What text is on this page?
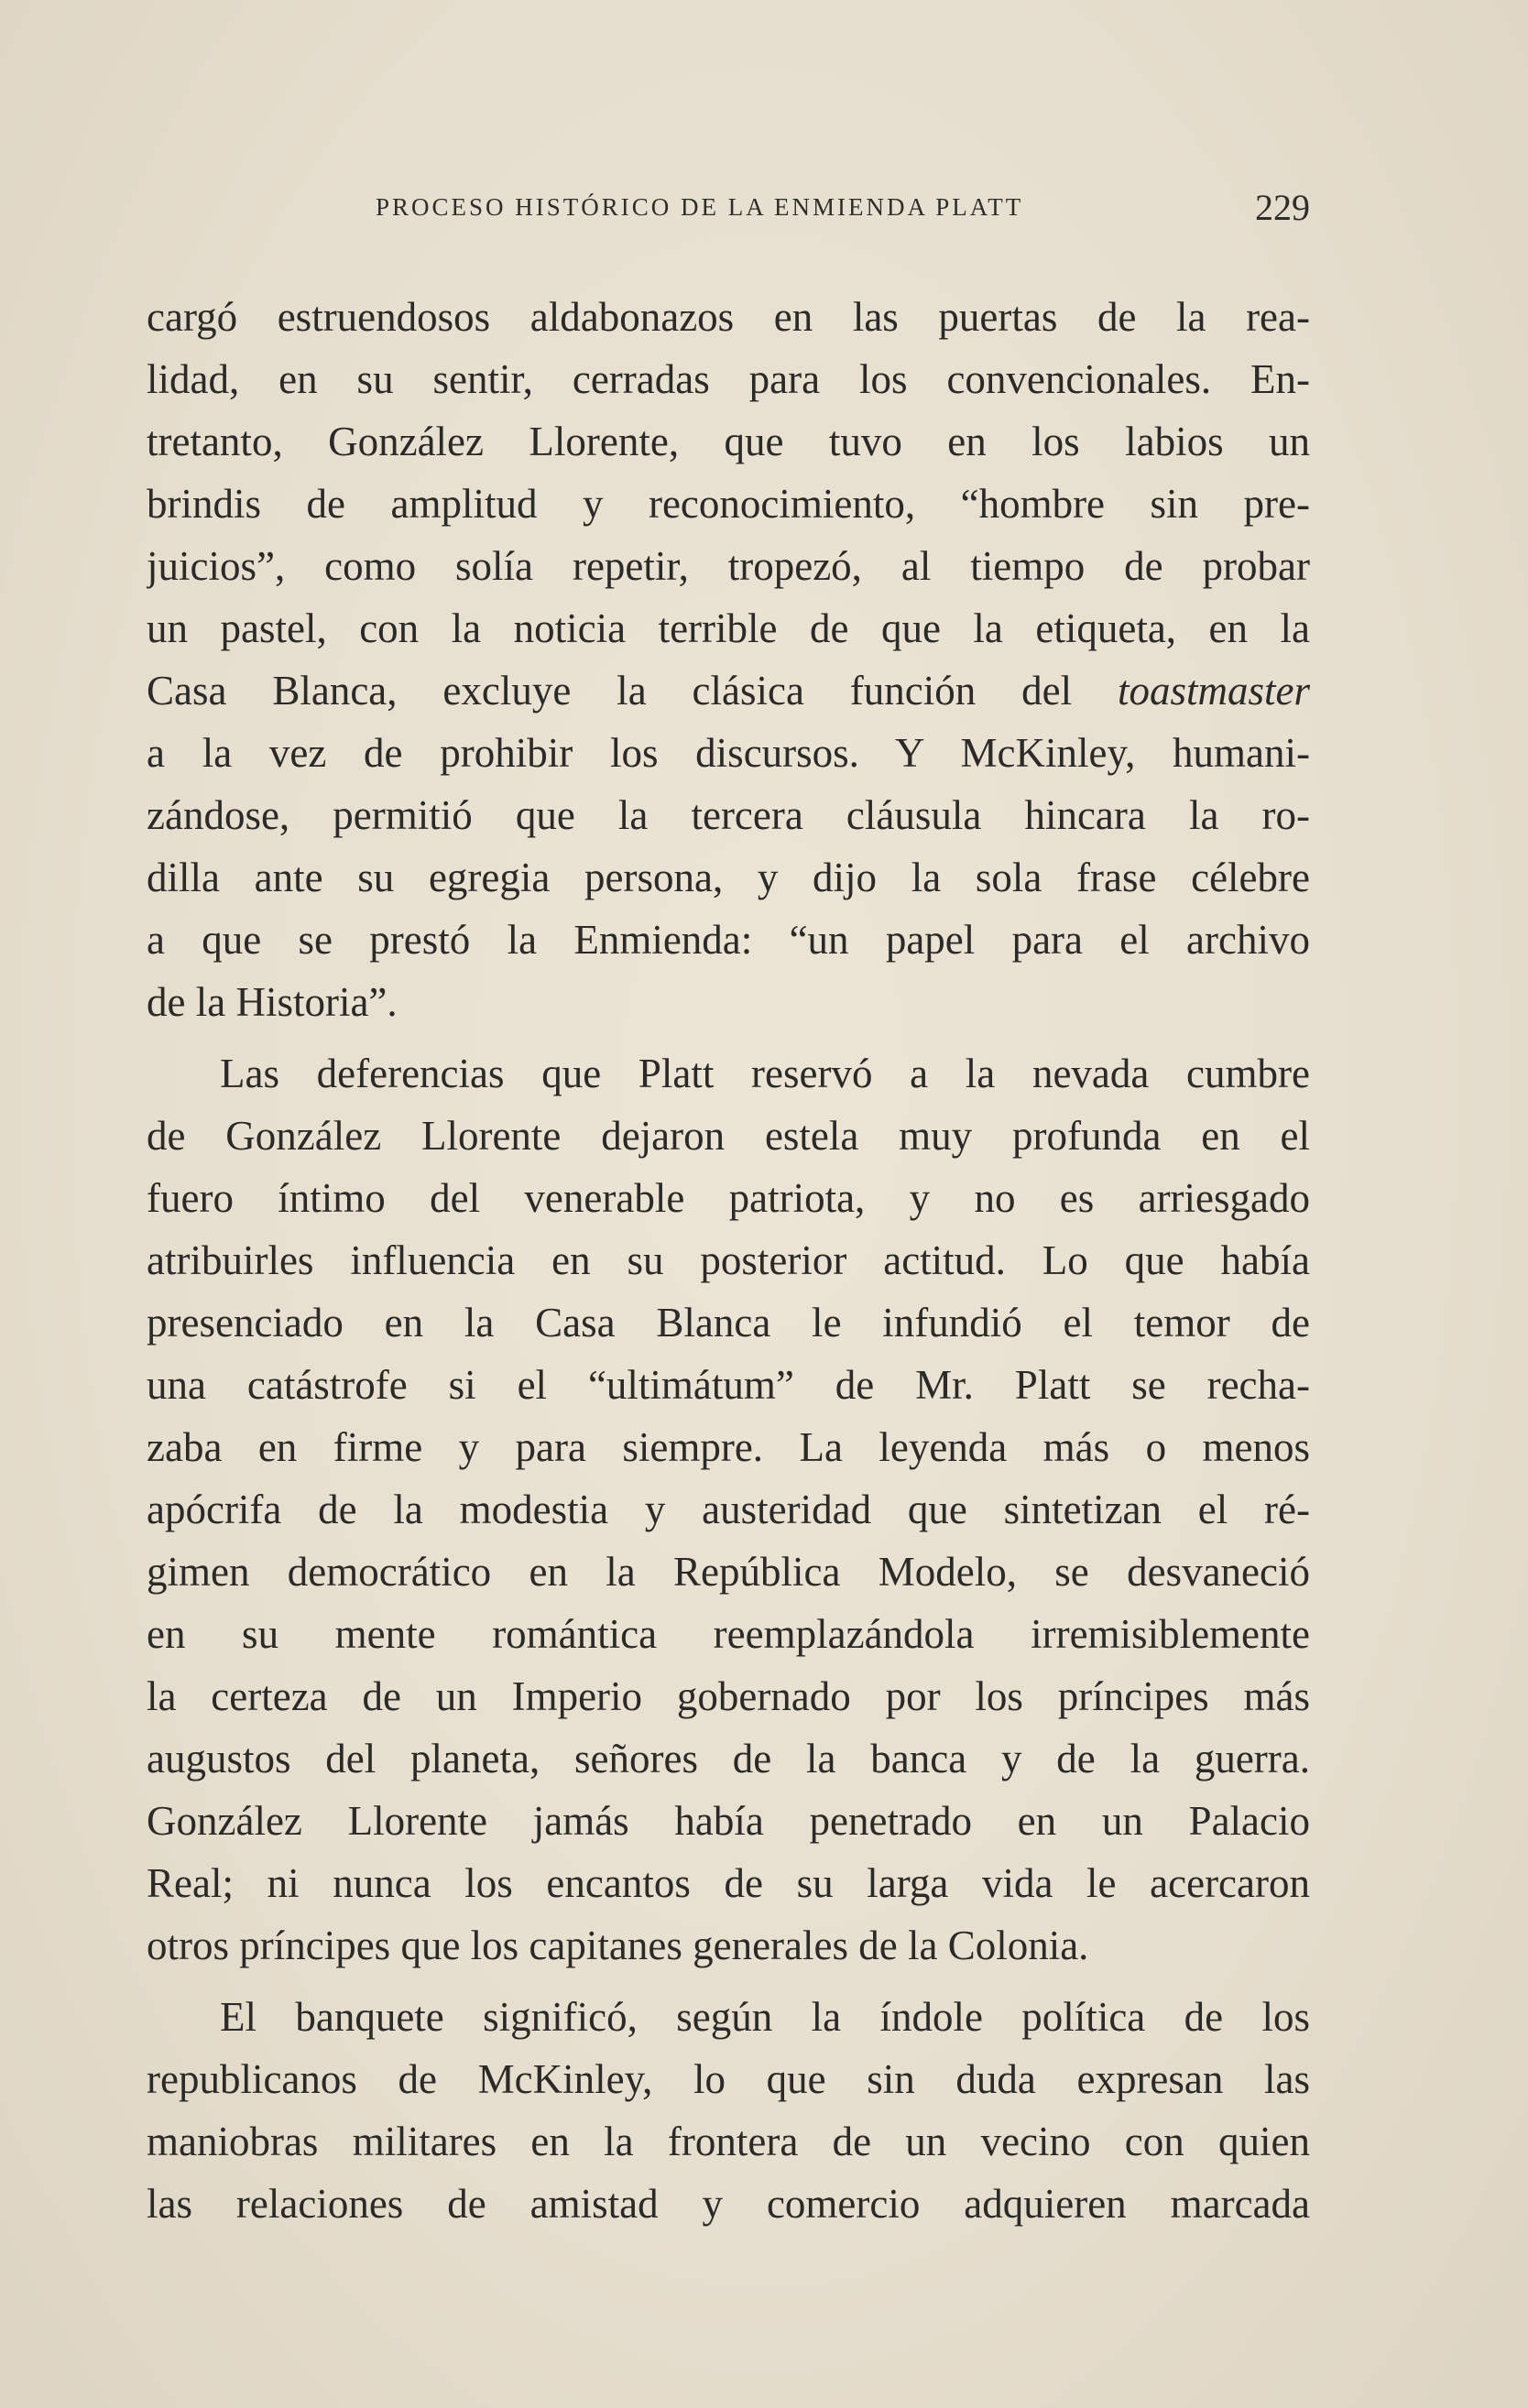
PROCESO HISTÓRICO DE LA ENMIENDA PLATT	229
cargó estruendosos aldabonazos en las puertas de la rea-
lidad, en su sentir, cerradas para los convencionales. En-
tretanto, González Llorente, que tuvo en los labios un
brindis de amplitud y reconocimiento, “hombre sin pre-
juicios”, como solía repetir, tropezó, al tiempo de probar
un pastel, con la noticia terrible de que la etiqueta, en la
Casa Blanca, excluye la clásica función del toastmaster
a la vez de prohibir los discursos. Y McKinley, humani-
zándose, permitió que la tercera cláusula hincara la ro-
dilla ante su egregia persona, y dijo la sola frase célebre
a que se prestó la Enmienda: “un papel para el archivo
de la Historia”.
Las deferencias que Platt reservó a la nevada cumbre
de González Llorente dejaron estela muy profunda en el
fuero íntimo del venerable patriota, y no es arriesgado
atribuirles influencia en su posterior actitud. Lo que había
presenciado en la Casa Blanca le infundió el temor de
una catástrofe si el “ultimátum” de Mr. Platt se recha-
zaba en firme y para siempre. La leyenda más o menos
apócrifa de la modestia y austeridad que sintetizan el ré-
gimen democrático en la República Modelo, se desvaneció
en su mente romántica reemplazándola irremisiblemente
la certeza de un Imperio gobernado por los príncipes más
augustos del planeta, señores de la banca y de la guerra.
González Llorente jamás había penetrado en un Palacio
Real; ni nunca los encantos de su larga vida le acercaron
otros príncipes que los capitanes generales de la Colonia.
El banquete significó, según la índole política de los
republicanos de McKinley, lo que sin duda expresan las
maniobras militares en la frontera de un vecino con quien
las relaciones de amistad y comercio adquieren marcada
